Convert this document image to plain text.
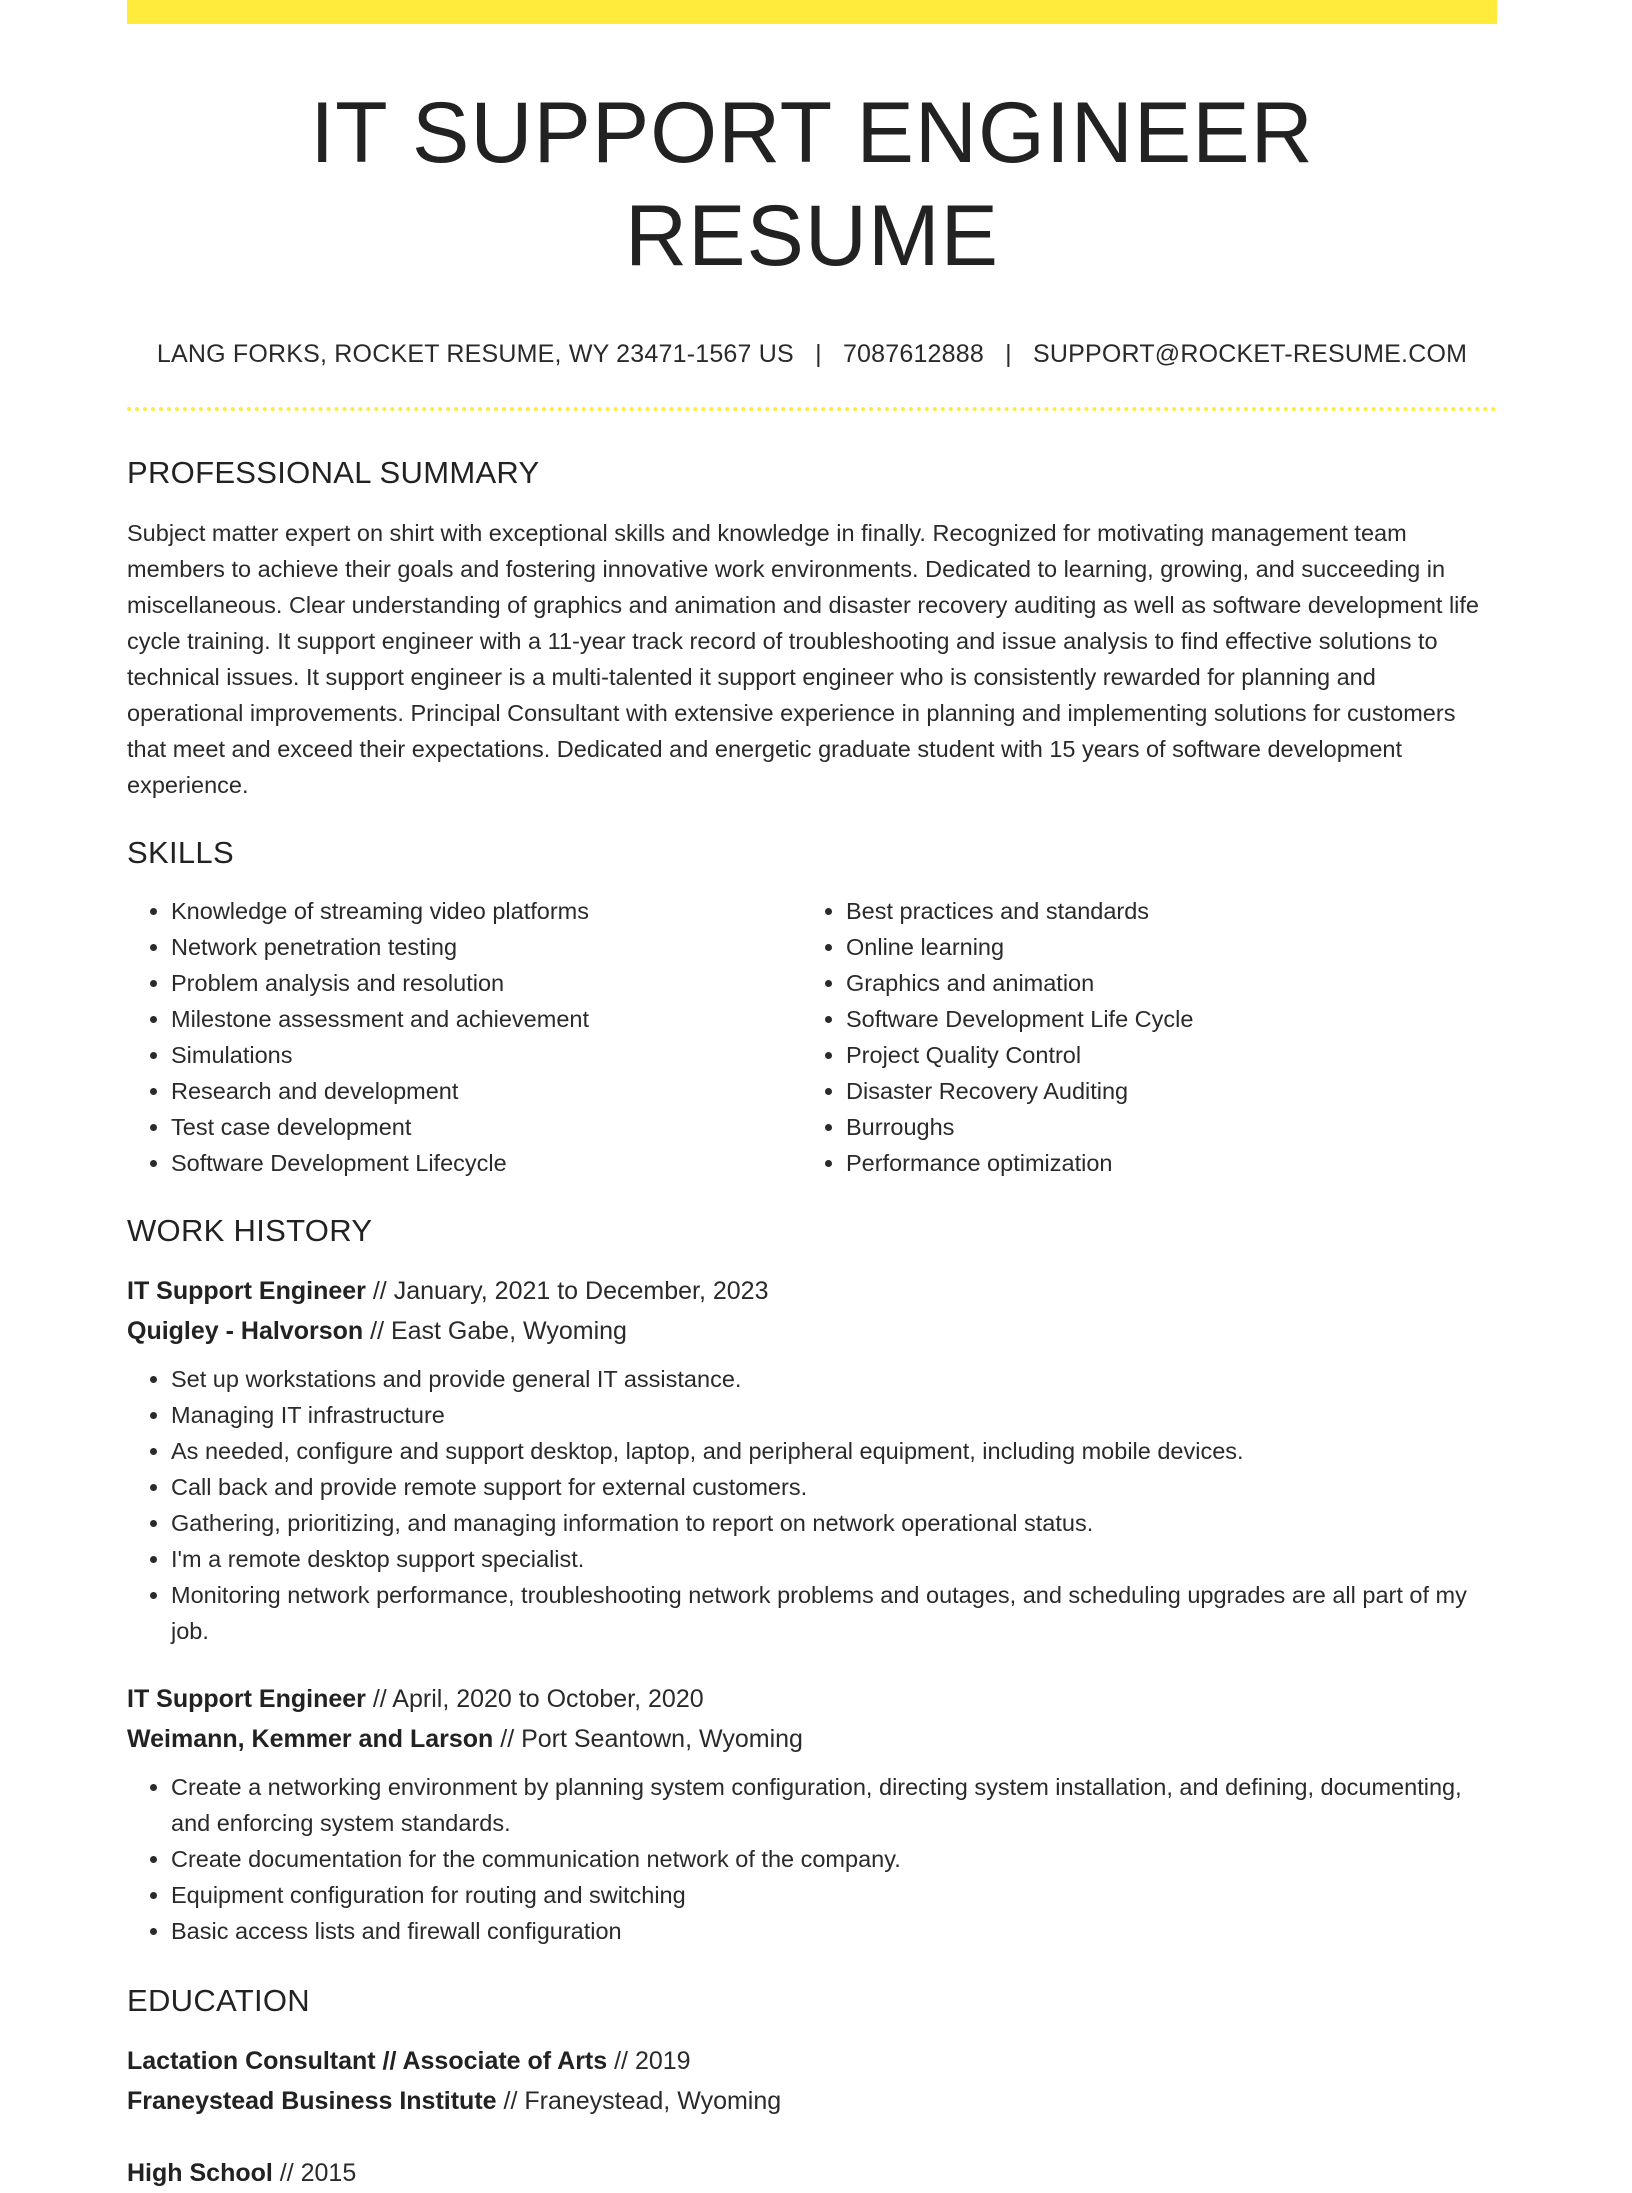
IT SUPPORT ENGINEER RESUME
LANG FORKS, ROCKET RESUME, WY 23471-1567 US | 7087612888 | SUPPORT@ROCKET-RESUME.COM
PROFESSIONAL SUMMARY

Subject matter expert on shirt with exceptional skills and knowledge in finally. Recognized for motivating management team members to achieve their goals and fostering innovative work environments. Dedicated to learning, growing, and succeeding in miscellaneous. Clear understanding of graphics and animation and disaster recovery auditing as well as software development life cycle training. It support engineer with a 11-year track record of troubleshooting and issue analysis to find effective solutions to technical issues. It support engineer is a multi-talented it support engineer who is consistently rewarded for planning and operational improvements. Principal Consultant with extensive experience in planning and implementing solutions for customers that meet and exceed their expectations. Dedicated and energetic graduate student with 15 years of software development experience.

SKILLS
• Knowledge of streaming video platforms
• Network penetration testing
• Problem analysis and resolution
• Milestone assessment and achievement
• Simulations
• Research and development
• Test case development
• Software Development Lifecycle
• Best practices and standards
• Online learning
• Graphics and animation
• Software Development Life Cycle
• Project Quality Control
• Disaster Recovery Auditing
• Burroughs
• Performance optimization
WORK HISTORY
IT Support Engineer // January, 2021 to December, 2023
Quigley - Halvorson // East Gabe, Wyoming
• Set up workstations and provide general IT assistance.
• Managing IT infrastructure
• As needed, configure and support desktop, laptop, and peripheral equipment, including mobile devices.
• Call back and provide remote support for external customers.
• Gathering, prioritizing, and managing information to report on network operational status.
• I'm a remote desktop support specialist.
• Monitoring network performance, troubleshooting network problems and outages, and scheduling upgrades are all part of my job.
IT Support Engineer // April, 2020 to October, 2020
Weimann, Kemmer and Larson // Port Seantown, Wyoming
• Create a networking environment by planning system configuration, directing system installation, and defining, documenting, and enforcing system standards.
• Create documentation for the communication network of the company.
• Equipment configuration for routing and switching
• Basic access lists and firewall configuration
EDUCATION
Lactation Consultant // Associate of Arts // 2019
Franeystead Business Institute // Franeystead, Wyoming
High School // 2015
